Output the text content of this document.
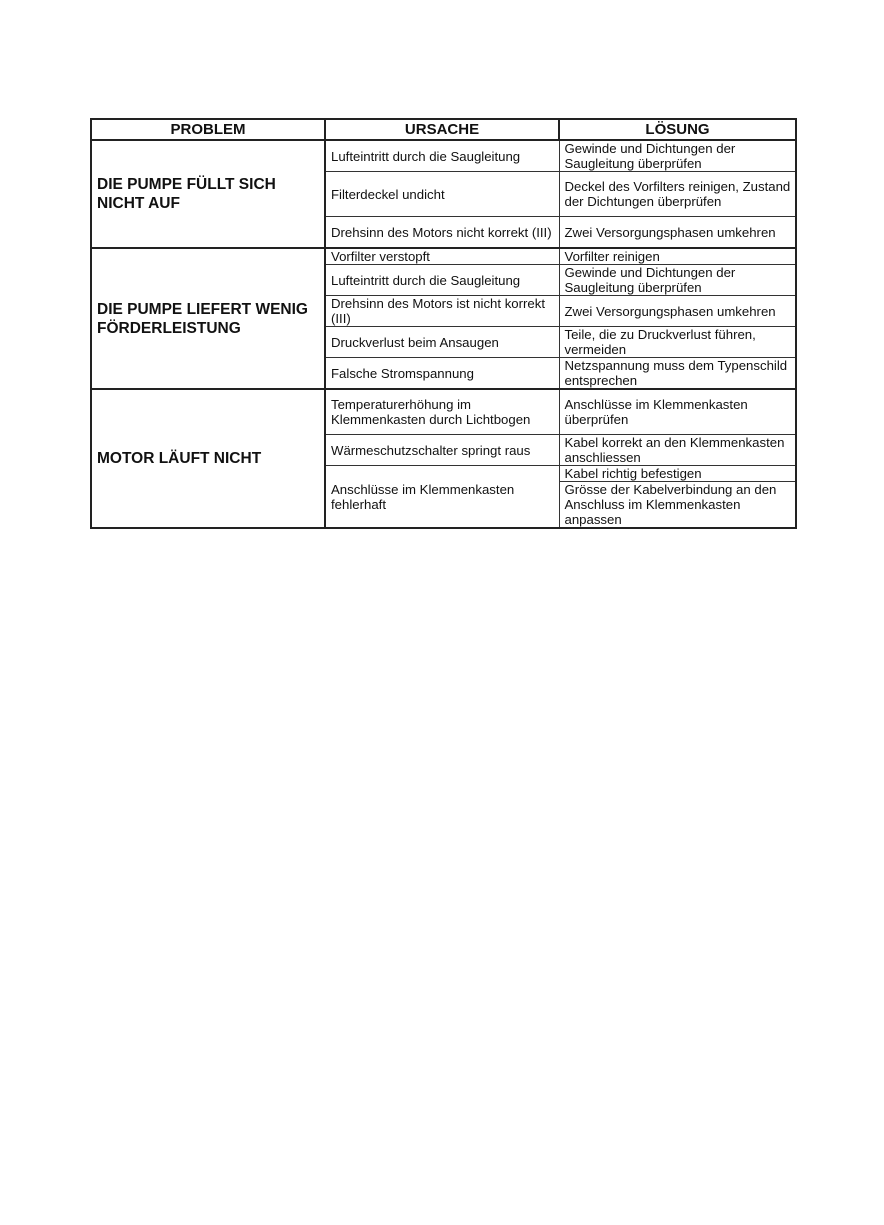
PROBLEM	URSACHE	LÖSUNG
DIE PUMPE FÜLLT SICH NICHT AUF	Lufteintritt durch die Saugleitung	Gewinde und Dichtungen der Saugleitung überprüfen
	Filterdeckel undicht	Deckel des Vorfilters reinigen, Zustand der Dichtungen überprüfen
	Drehsinn des Motors nicht korrekt (III)	Zwei Versorgungsphasen umkehren
DIE PUMPE LIEFERT WENIG FÖRDERLEISTUNG	Vorfilter verstopft	Vorfilter reinigen
	Lufteintritt durch die Saugleitung	Gewinde und Dichtungen der Saugleitung überprüfen
	Drehsinn des Motors ist nicht korrekt (III)	Zwei Versorgungsphasen umkehren
	Druckverlust beim Ansaugen	Teile, die zu Druckverlust führen, vermeiden
	Falsche Stromspannung	Netzspannung muss dem Typenschild entsprechen
MOTOR LÄUFT NICHT	Temperaturerhöhung im Klemmenkasten durch Lichtbogen	Anschlüsse im Klemmenkasten überprüfen
	Wärmeschutzschalter springt raus	Kabel korrekt an den Klemmenkasten anschliessen
	Anschlüsse im Klemmenkasten fehlerhaft	Kabel richtig befestigen
		Grösse der Kabelverbindung an den Anschluss im Klemmenkasten anpassen
